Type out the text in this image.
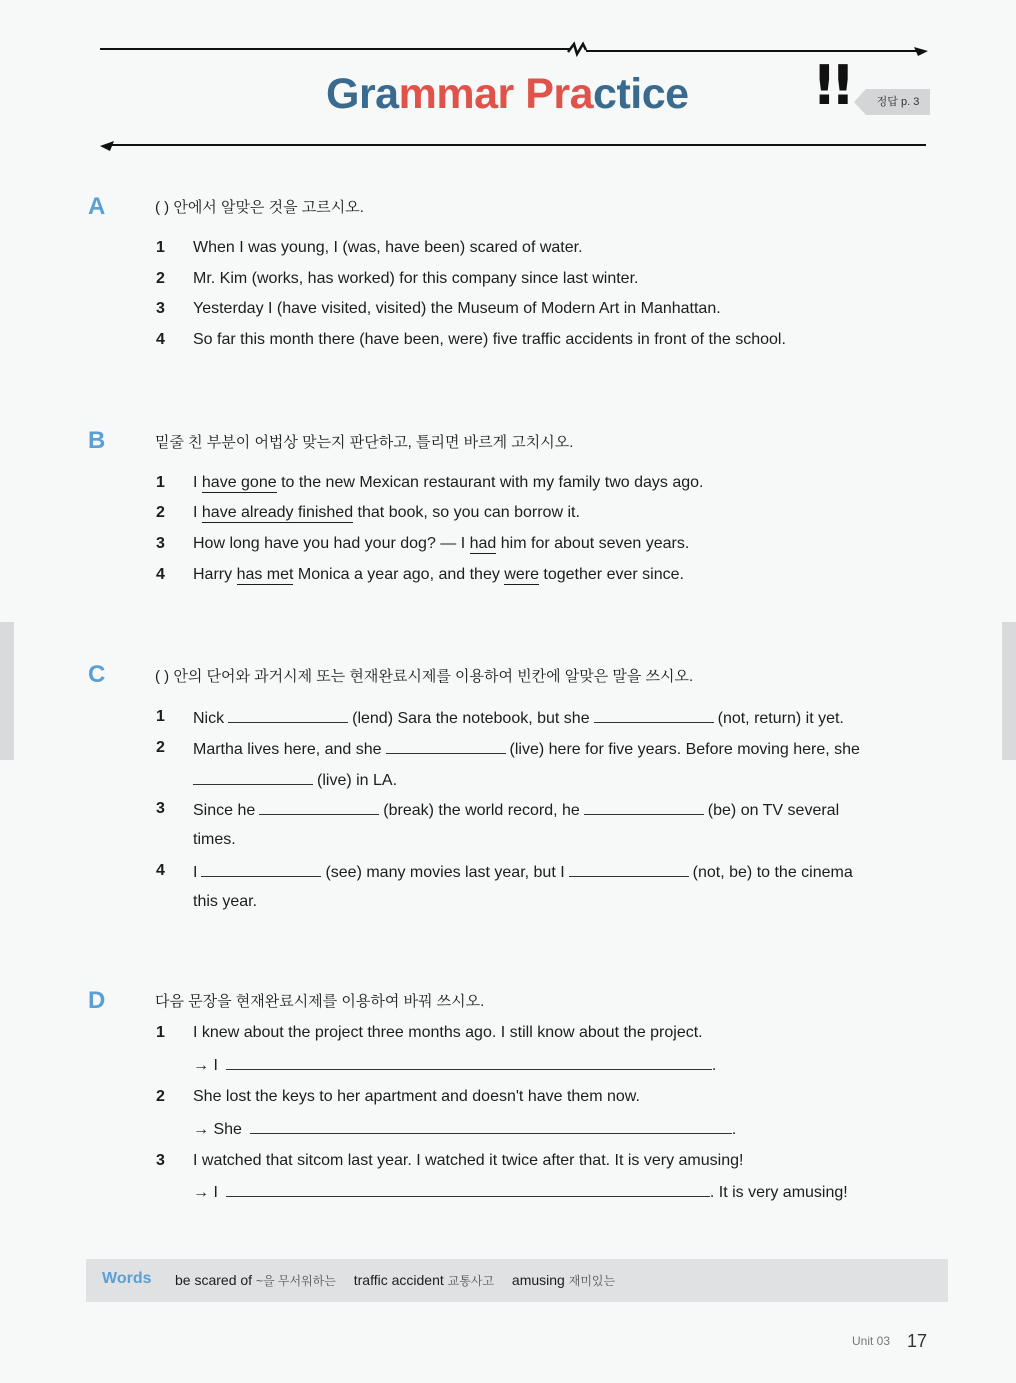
Grammar Practice !!	정답 p. 3
A	( ) 안에서 알맞은 것을 고르시오.
1 When I was young, I (was, have been) scared of water.
2 Mr. Kim (works, has worked) for this company since last winter.
3 Yesterday I (have visited, visited) the Museum of Modern Art in Manhattan.
4 So far this month there (have been, were) five traffic accidents in front of the school.
B	밑줄 친 부분이 어법상 맞는지 판단하고, 틀리면 바르게 고치시오.
1 I have gone to the new Mexican restaurant with my family two days ago.
2 I have already finished that book, so you can borrow it.
3 How long have you had your dog? — I had him for about seven years.
4 Harry has met Monica a year ago, and they were together ever since.
C	( ) 안의 단어와 과거시제 또는 현재완료시제를 이용하여 빈칸에 알맞은 말을 쓰시오.
1 Nick	(lend) Sara the notebook, but she	(not, return) it yet.
2 Martha lives here, and she	(live) here for five years. Before moving here, she
(live) in LA.
3 Since he	(break) the world record, he	(be) on TV several
times.
4 I	(see) many movies last year, but I	(not, be) to the cinema
this year.
D	다음 문장을 현재완료시제를 이용하여 바꿔 쓰시오.
1 I knew about the project three months ago. I still know about the project.
→ I	.
2 She lost the keys to her apartment and doesn't have them now.
→ She	.
3 I watched that sitcom last year. I watched it twice after that. It is very amusing!
→ I	. It is very amusing!
Words be scared of ~을 무서워하는 traffic accident 교통사고 amusing 재미있는
Unit 03 17
